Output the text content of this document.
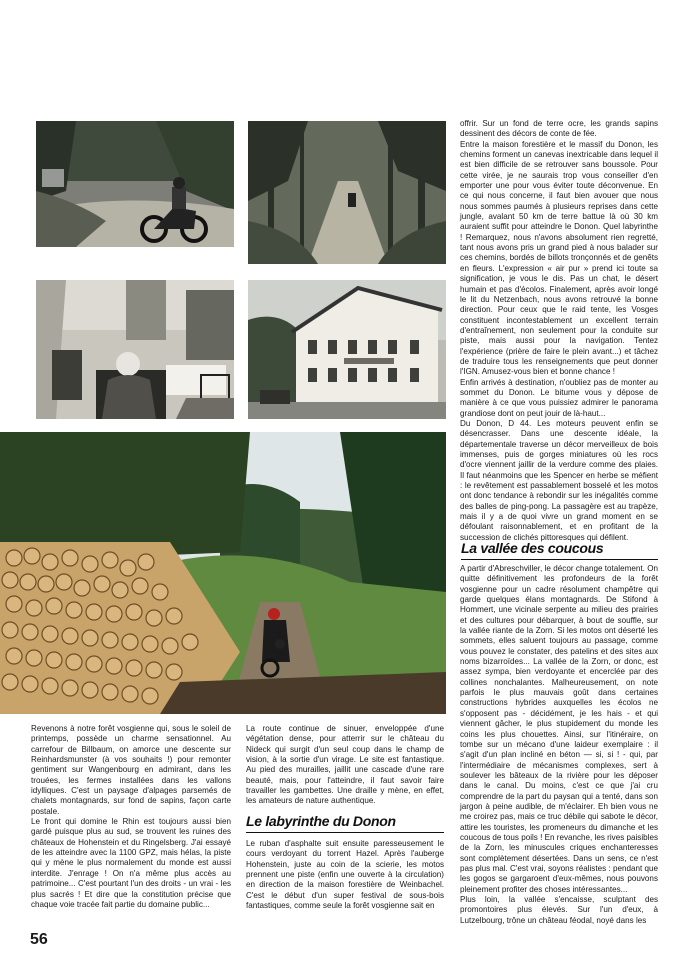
offrir. Sur un fond de terre ocre, les grands sapins dessinent des décors de conte de fée.

Entre la maison forestière et le massif du Donon, les chemins forment un canevas inextricable dans lequel il est bien difficile de se retrouver sans boussole. Pour cette virée, je ne saurais trop vous conseiller d'en emporter une pour vous éviter toute déconvenue. En ce qui nous concerne, il faut bien avouer que nous nous sommes paumés à plusieurs reprises dans cette jungle, avalant 50 km de terre battue là où 30 km auraient suffit pour atteindre le Donon. Quel labyrinthe ! Remarquez, nous n'avons absolument rien regretté, tant nous avons pris un grand pied à nous balader sur ces chemins, bordés de billots tronçonnés et de genêts en fleurs. L'expression « air pur » prend ici toute sa signification, je vous le dis. Pas un chat, le désert humain et pas d'écolos. Finalement, après avoir longé le lit du Netzenbach, nous avons retrouvé la bonne direction. Pour ceux que le raid tente, les Vosges constituent incontestablement un excellent terrain d'entraînement, non seulement pour la conduite sur piste, mais aussi pour la navigation. Tentez l'expérience (prière de faire le plein avant...) et tâchez de traduire tous les renseignements que peut donner l'IGN. Amusez-vous bien et bonne chance !

Enfin arrivés à destination, n'oubliez pas de monter au sommet du Donon. Le bitume vous y dépose de manière à ce que vous puissiez admirer le panorama grandiose dont on peut jouir de là-haut...

Du Donon, D 44. Les moteurs peuvent enfin se désencrasser. Dans une descente idéale, la départementale traverse un décor merveilleux de bois immenses, puis de gorges miniatures où les rocs d'ocre viennent jaillir de la verdure comme des plaies. Il faut néanmoins que les Spencer en herbe se méfient : le revêtement est passablement bosselé et les motos ont donc tendance à rebondir sur les inégalités comme des balles de ping-pong. La passagère est au trapèze, mais il y a de quoi vivre un grand moment en se défoulant raisonnablement, et en profitant de la succession de clichés pittoresques qui défilent.

La vallée des coucous

A partir d'Abreschviller, le décor change totalement. On quitte définitivement les profondeurs de la forêt vosgienne pour un cadre résolument champêtre qui garde quelques élans montagnards. De Stifond à Hommert, une vicinale serpente au milieu des prairies et des cultures pour débarquer, à bout de souffle, sur la vallée riante de la Zorn. Si les motos ont déserté les sommets, elles saluent toujours au passage, comme vous pouvez le constater, des patelins et des sites aux noms bizarroïdes... La vallée de la Zorn, or donc, est assez sympa, bien verdoyante et encerclée par des collines nonchalantes. Malheureusement, on note parfois le plus mauvais goût dans certaines constructions hybrides auxquelles les écolos ne s'opposent pas - décidément, je les hais - et qui viennent gâcher, le plus stupidement du monde les coins les plus chouettes. Ainsi, sur l'itinéraire, on tombe sur un mécano d'une laideur exemplaire : il s'agit d'un plan incliné en béton — si, si ! - qui, par l'intermédiaire de mécanismes complexes, sert à soulever les bâteaux de la rivière pour les déposer dans le canal. Du moins, c'est ce que j'ai cru comprendre de la part du paysan qui a tenté, dans son jargon à peine audible, de m'éclairer. Eh bien vous ne me croirez pas, mais ce truc débile qui sabote le décor, attire les touristes, les promeneurs du dimanche et les coucous de tous poils ! En revanche, les rives paisibles de la Zorn, les minuscules criques enchanteresses sont complètement désertées. Dans un sens, ce n'est pas plus mal. C'est vrai, soyons réalistes : pendant que les gogos se gargaroent d'eux-mêmes, nous pouvons pleinement profiter des choses intéressantes...

Plus loin, la vallée s'encaisse, sculptant des promontoires plus élevés. Sur l'un d'eux, à Lutzelbourg, trône un château féodal, noyé dans les

Revenons à notre forêt vosgienne qui, sous le soleil de printemps, possède un charme sensationnel. Au carrefour de Billbaum, on amorce une descente sur Reinhardsmunster (à vos souhaits !) pour remonter gentiment sur Wangenbourg en admirant, dans les trouées, les fermes installées dans les vallons idylliques. C'est un paysage d'alpages parsemés de chalets montagnards, sur fond de sapins, façon carte postale.

Le front qui domine le Rhin est toujours aussi bien gardé puisque plus au sud, se trouvent les ruines des châteaux de Hohenstein et du Ringelsberg. J'ai essayé de les atteindre avec la 1100 GPZ, mais hélas, la piste qui y mène le plus normalement du monde est aussi interdite. J'enrage ! On n'a même plus accès au patrimoine... C'est pourtant l'un des droits - un vrai - les plus sacrés ! Et dire que la constitution précise que chaque voie tracée fait partie du domaine public...

La route continue de sinuer, enveloppée d'une végétation dense, pour atterrir sur le château du Nideck qui surgit d'un seul coup dans le champ de vision, à la sortie d'un virage. Le site est fantastique. Au pied des murailles, jaillit une cascade d'une rare beauté, mais, pour l'atteindre, il faut savoir faire travailler les gambettes. Une draille y mène, en effet, les amateurs de nature authentique.

Le labyrinthe du Donon

Le ruban d'asphalte suit ensuite paresseusement le cours verdoyant du torrent Hazel. Après l'auberge Hohenstein, juste au coin de la scierie, les motos prennent une piste (enfin une ouverte à la circulation) en direction de la maison forestière de Weinbachel. C'est le début d'un super festival de sous-bois fantastiques, comme seule la forêt vosgienne sait en

56
